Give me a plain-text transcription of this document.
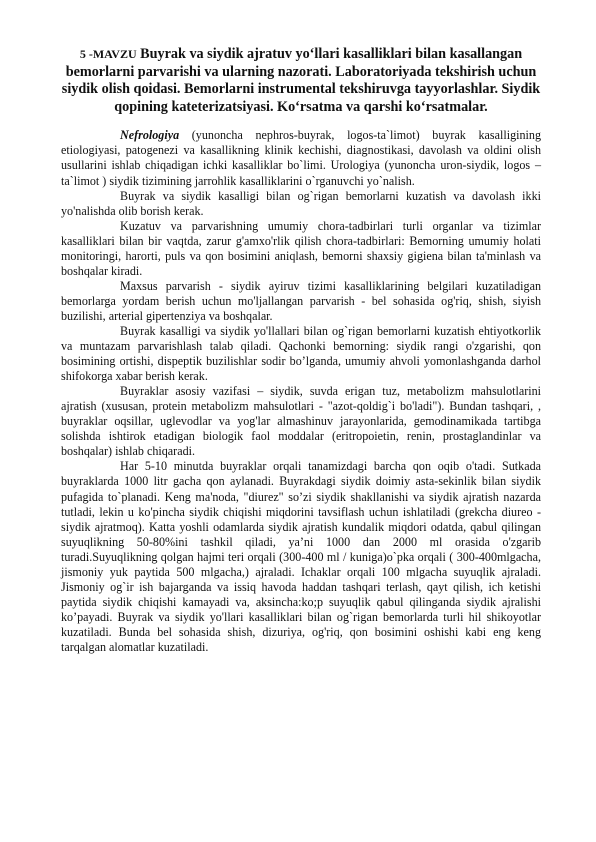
5 -MAVZU Buyrak va siydik ajratuv yo‘llari kasalliklari bilan kasallangan bemorlarni parvarishi va ularning nazorati. Laboratoriyada tekshirish uchun siydik olish qoidasi. Bemorlarni instrumental tekshiruvga tayyorlashlar. Siydik qopining kateterizatsiyasi. Ko‘rsatma va qarshi ko‘rsatmalar.

Nefrologiya (yunoncha nephros-buyrak, logos-ta`limot) buyrak kasalligining etiologiyasi, patogenezi va kasallikning klinik kechishi, diagnostikasi, davolash va oldini olish usullarini ishlab chiqadigan ichki kasalliklar bo`limi. Urologiya (yunoncha uron-siydik, logos – ta`limot ) siydik tizimining jarrohlik kasalliklarini o`rganuvchi yo`nalish.

Buyrak va siydik kasalligi bilan og`rigan bemorlarni kuzatish va davolash ikki yo'nalishda olib borish kerak.

Kuzatuv va parvarishning umumiy chora-tadbirlari turli organlar va tizimlar kasalliklari bilan bir vaqtda, zarur g'amxo'rlik qilish chora-tadbirlari: Bemorning umumiy holati monitoringi, harorti, puls va qon bosimini aniqlash, bemorni shaxsiy gigiena bilan ta'minlash va boshqalar kiradi.

Maxsus parvarish - siydik ayiruv tizimi kasalliklarining belgilari kuzatiladigan bemorlarga yordam berish uchun mo'ljallangan parvarish - bel sohasida og'riq, shish, siyish buzilishi, arterial gipertenziya va boshqalar.

Buyrak kasalligi va siydik yo'llallari bilan og`rigan bemorlarni kuzatish ehtiyotkorlik va muntazam parvarishlash talab qiladi. Qachonki bemorning: siydik rangi o'zgarishi, qon bosimining ortishi, dispeptik buzilishlar sodir bo’lganda, umumiy ahvoli yomonlashganda darhol shifokorga xabar berish kerak.

Buyraklar asosiy vazifasi – siydik, suvda erigan tuz, metabolizm mahsulotlarini ajratish (xususan, protein metabolizm mahsulotlari - "azot-qoldig`i bo'ladi"). Bundan tashqari, , buyraklar oqsillar, uglevodlar va yog'lar almashinuv jarayonlarida, gemodinamikada tartibga solishda ishtirok etadigan biologik faol moddalar (eritropoietin, renin, prostaglandinlar va boshqalar) ishlab chiqaradi.

Har 5-10 minutda buyraklar orqali tanamizdagi barcha qon oqib o'tadi. Sutkada buyraklarda 1000 litr gacha qon aylanadi. Buyrakdagi siydik doimiy asta-sekinlik bilan siydik pufagida to`planadi. Keng ma'noda, "diurez" so’zi siydik shakllanishi va siydik ajratish nazarda tutladi, lekin u ko'pincha siydik chiqishi miqdorini tavsiflash uchun ishlatiladi (grekcha diureo - siydik ajratmoq). Katta yoshli odamlarda siydik ajratish kundalik miqdori odatda, qabul qilingan suyuqlikning 50-80%ini tashkil qiladi, ya’ni 1000 dan 2000 ml orasida o'zgarib turadi.Suyuqlikning qolgan hajmi teri orqali (300-400 ml / kuniga)o`pka orqali ( 300-400mlgacha, jismoniy yuk paytida 500 mlgacha,) ajraladi. Ichaklar orqali 100 mlgacha suyuqlik ajraladi. Jismoniy og`ir ish bajarganda va issiq havoda haddan tashqari terlash, qayt qilish, ich ketishi paytida siydik chiqishi kamayadi va, aksincha:ko;p suyuqlik qabul qilinganda siydik ajralishi ko’payadi. Buyrak va siydik yo'llari kasalliklari bilan og`rigan bemorlarda turli hil shikoyotlar kuzatiladi. Bunda bel sohasida shish, dizuriya, og'riq, qon bosimini oshishi kabi eng keng tarqalgan alomatlar kuzatiladi.
